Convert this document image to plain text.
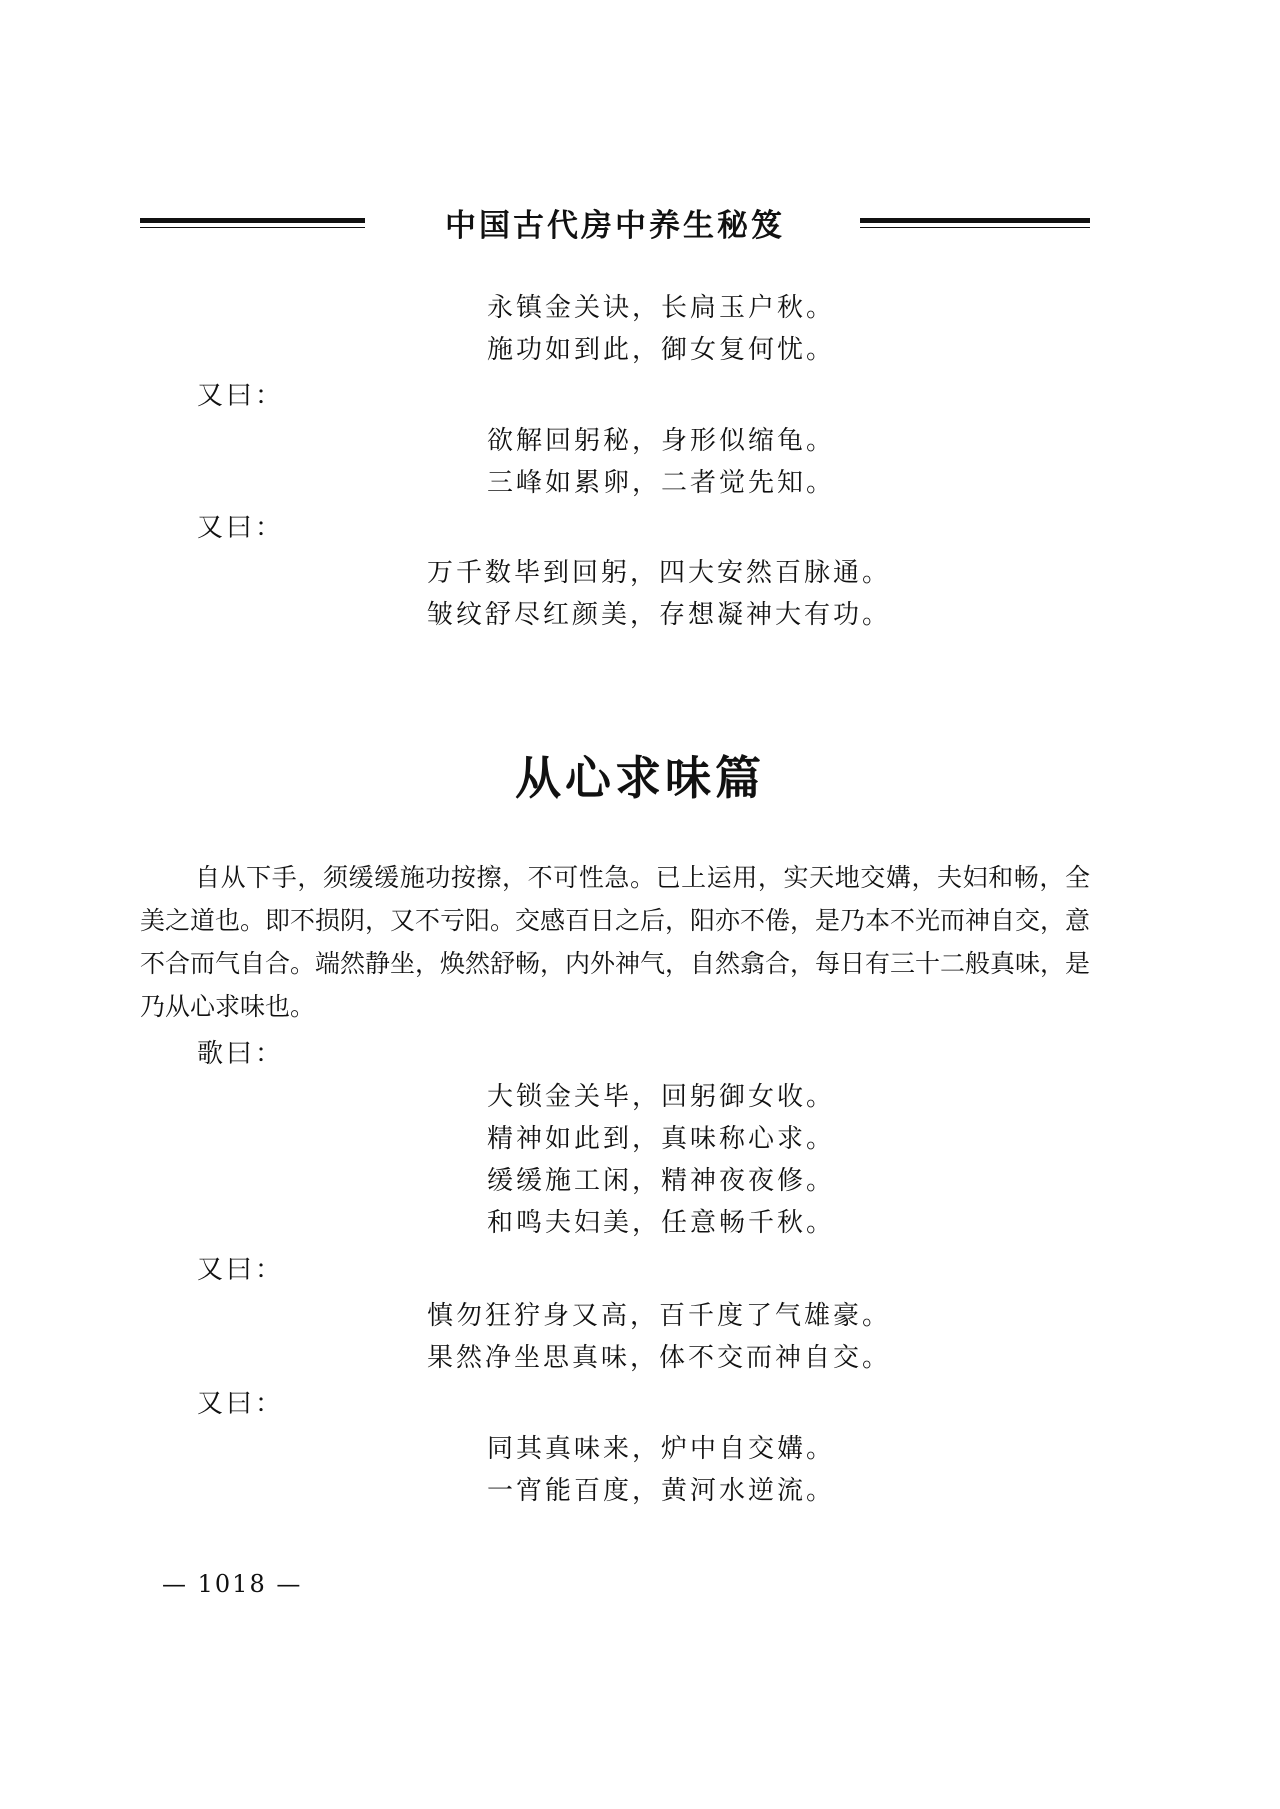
中国古代房中养生秘笈
永镇金关诀，长扃玉户秋。
施功如到此，御女复何忧。
又曰：
欲解回躬秘，身形似缩龟。
三峰如累卵，二者觉先知。
又曰：
万千数毕到回躬，四大安然百脉通。
皱纹舒尽红颜美，存想凝神大有功。
从心求味篇

自从下手，须缓缓施功按擦，不可性急。已上运用，实天地交媾，夫妇和畅，全美之道也。即不损阴，又不亏阳。交感百日之后，阳亦不倦，是乃本不光而神自交，意不合而气自合。端然静坐，焕然舒畅，内外神气，自然翕合，每日有三十二般真味，是乃从心求味也。

歌曰：
大锁金关毕，回躬御女收。
精神如此到，真味称心求。
缓缓施工闲，精神夜夜修。
和鸣夫妇美，任意畅千秋。
又曰：
慎勿狂狞身又高，百千度了气雄豪。
果然净坐思真味，体不交而神自交。
又曰：
同其真味来，炉中自交媾。
一宵能百度，黄河水逆流。
— 1018 —
